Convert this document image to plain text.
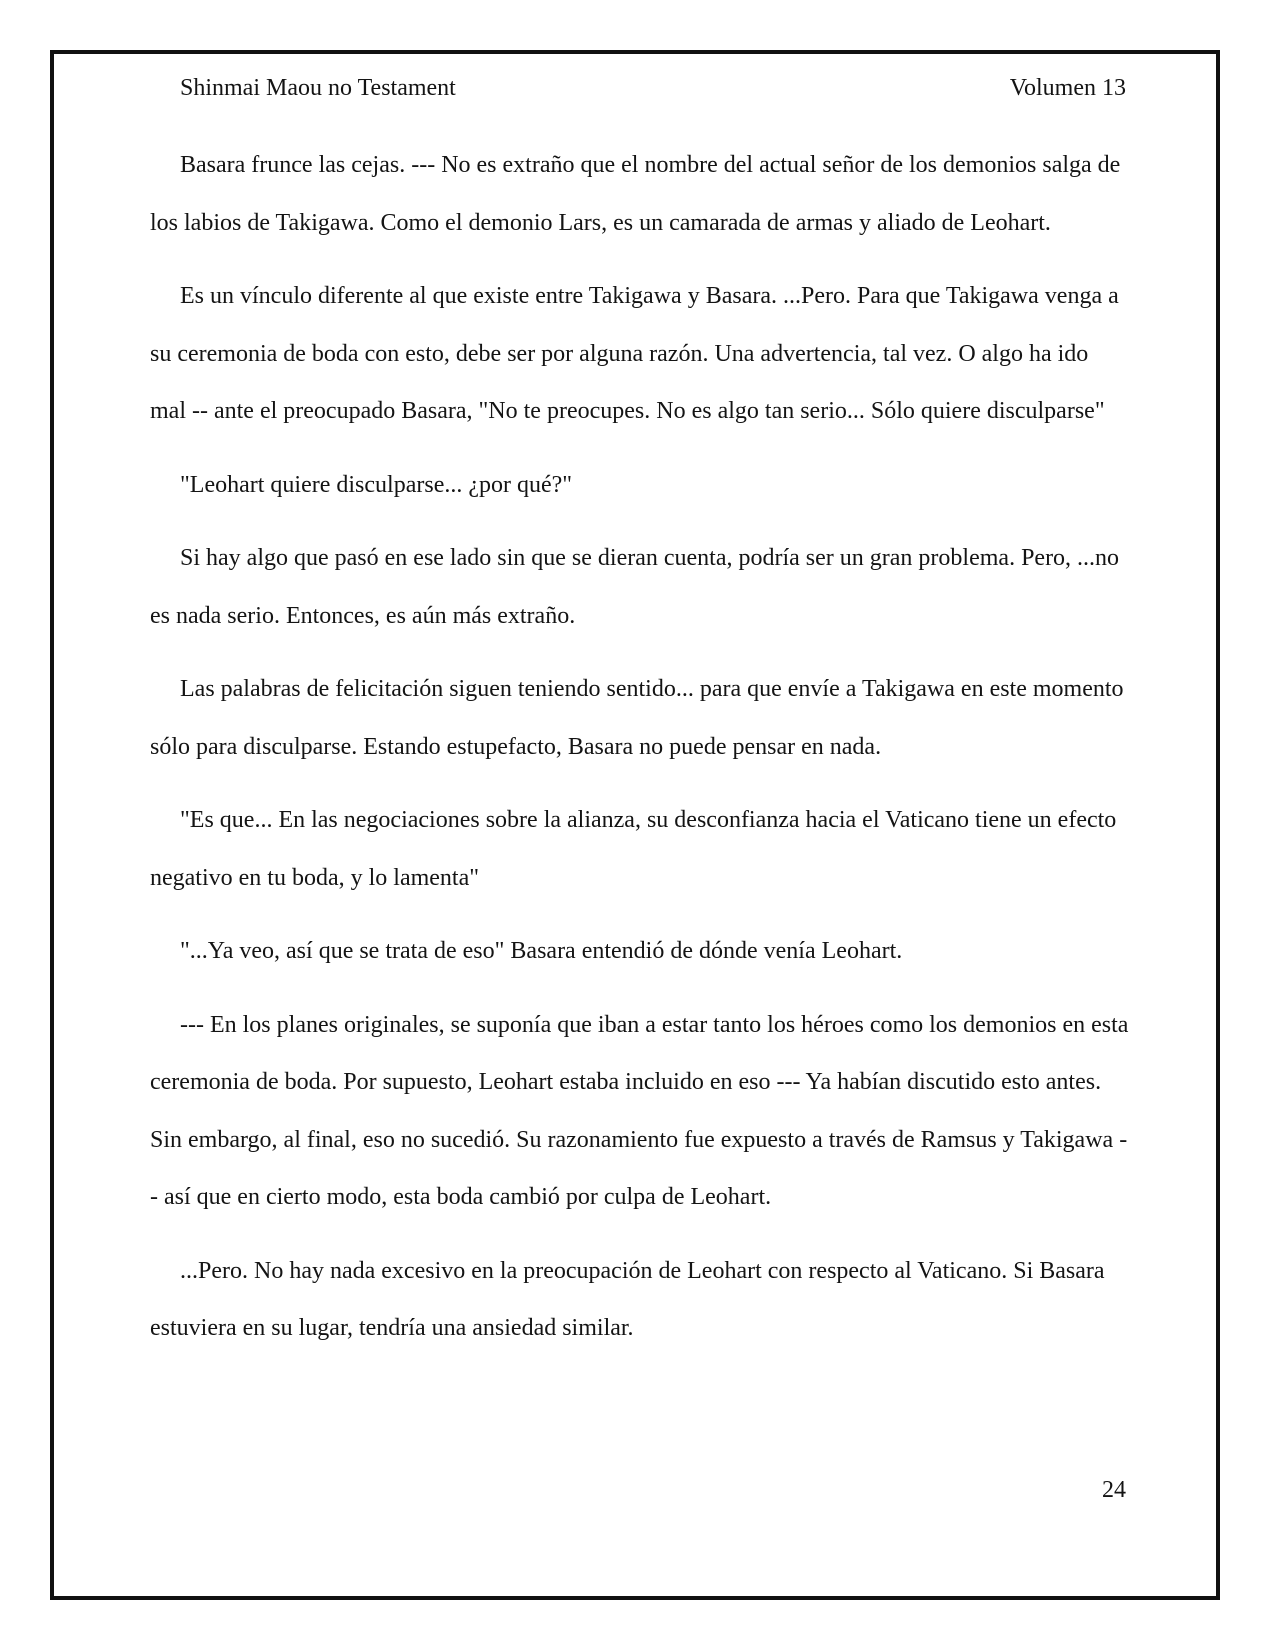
Shinmai Maou no Testament	Volumen 13

Basara frunce las cejas. --- No es extraño que el nombre del actual señor de los demonios salga de los labios de Takigawa. Como el demonio Lars, es un camarada de armas y aliado de Leohart.

Es un vínculo diferente al que existe entre Takigawa y Basara. ...Pero. Para que Takigawa venga a su ceremonia de boda con esto, debe ser por alguna razón. Una advertencia, tal vez. O algo ha ido mal -- ante el preocupado Basara, "No te preocupes. No es algo tan serio... Sólo quiere disculparse"

"Leohart quiere disculparse... ¿por qué?"

Si hay algo que pasó en ese lado sin que se dieran cuenta, podría ser un gran problema. Pero, ...no es nada serio. Entonces, es aún más extraño.

Las palabras de felicitación siguen teniendo sentido... para que envíe a Takigawa en este momento sólo para disculparse. Estando estupefacto, Basara no puede pensar en nada.

"Es que... En las negociaciones sobre la alianza, su desconfianza hacia el Vaticano tiene un efecto negativo en tu boda, y lo lamenta"

"...Ya veo, así que se trata de eso" Basara entendió de dónde venía Leohart.

--- En los planes originales, se suponía que iban a estar tanto los héroes como los demonios en esta ceremonia de boda. Por supuesto, Leohart estaba incluido en eso --- Ya habían discutido esto antes. Sin embargo, al final, eso no sucedió. Su razonamiento fue expuesto a través de Ramsus y Takigawa -- así que en cierto modo, esta boda cambió por culpa de Leohart.

...Pero. No hay nada excesivo en la preocupación de Leohart con respecto al Vaticano. Si Basara estuviera en su lugar, tendría una ansiedad similar.

24
